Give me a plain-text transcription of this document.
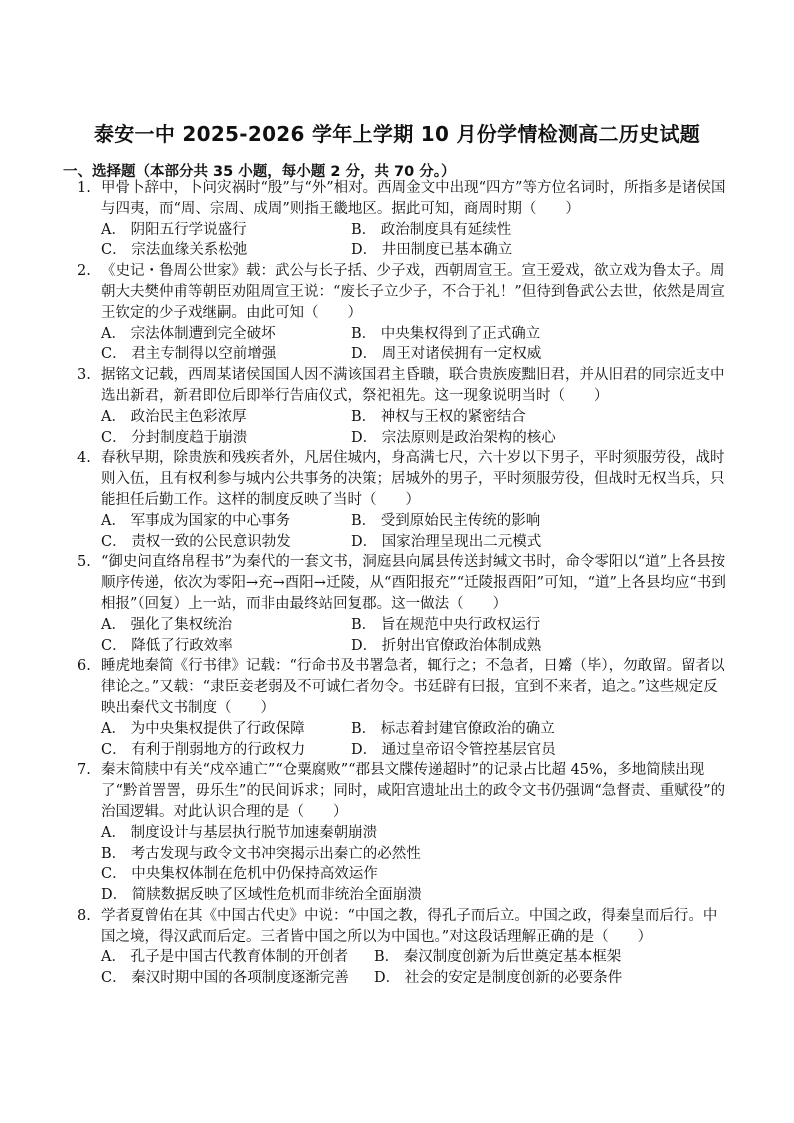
泰安一中 2025-2026 学年上学期 10 月份学情检测高二历史试题
一、选择题（本部分共 35 小题，每小题 2 分，共 70 分。）
1. 甲骨卜辞中，卜问灾祸时“殷”与“外”相对。西周金文中出现“四方”等方位名词时，所指多是诸侯国与四夷，而“周、宗周、成周”则指王畿地区。据此可知，商周时期（　　）
A． 阴阳五行学说盛行	B． 政治制度具有延续性
C． 宗法血缘关系松弛	D． 井田制度已基本确立
2. 《史记・鲁周公世家》载：武公与长子括、少子戏，西朝周宣王。宣王爱戏，欲立戏为鲁太子。周朝大夫樊仲甫等朝臣劝阻周宣王说：“废长子立少子，不合于礼！”但待到鲁武公去世，依然是周宣王钦定的少子戏继嗣。由此可知（　　）
A． 宗法体制遭到完全破坏	B． 中央集权得到了正式确立
C． 君主专制得以空前增强	D． 周王对诸侯拥有一定权威
3. 据铭文记载，西周某诸侯国国人因不满该国君主昏聩，联合贵族废黜旧君，并从旧君的同宗近支中选出新君，新君即位后即举行告庙仪式，祭祀祖先。这一现象说明当时（　　）
A． 政治民主色彩浓厚	B． 神权与王权的紧密结合
C． 分封制度趋于崩溃	D． 宗法原则是政治架构的核心
4. 春秋早期，除贵族和残疾者外，凡居住城内，身高满七尺，六十岁以下男子，平时须服劳役，战时则入伍，且有权利参与城内公共事务的决策；居城外的男子，平时须服劳役，但战时无权当兵，只能担任后勤工作。这样的制度反映了当时（　　）
A． 军事成为国家的中心事务	B． 受到原始民主传统的影响
C． 责权一致的公民意识勃发	D． 国家治理呈现出二元模式
5. “御史问直络帛程书”为秦代的一套文书，洞庭县向属县传送封缄文书时，命令零阳以“道”上各县按顺序传递，依次为零阳→充→酉阳→迁陵，从“酉阳报充”“迁陵报酉阳”可知，“道”上各县均应“书到相报”（回复）上一站，而非由最终站回复郡。这一做法（　　）
A． 强化了集权统治	B． 旨在规范中央行政权运行
C． 降低了行政效率	D． 折射出官僚政治体制成熟
6. 睡虎地秦简《行书律》记载：“行命书及书署急者，辄行之；不急者，日觱（毕），勿敢留。留者以律论之。”又载：“隶臣妾老弱及不可诚仁者勿令。书廷辟有曰报，宜到不来者，追之。”这些规定反映出秦代文书制度（　　）
A． 为中央集权提供了行政保障	B． 标志着封建官僚政治的确立
C． 有利于削弱地方的行政权力	D． 通过皇帝诏令管控基层官员
7. 秦末简牍中有关“戍卒逋亡”“仓粟腐败”“郡县文牒传递超时”的记录占比超 45%，多地简牍出现了“黔首詈詈，毋乐生”的民间诉求；同时，咸阳宫遗址出土的政令文书仍强调“急督责、重赋役”的治国逻辑。对此认识合理的是（　　）
A． 制度设计与基层执行脱节加速秦朝崩溃
B． 考古发现与政令文书冲突揭示出秦亡的必然性
C． 中央集权体制在危机中仍保持高效运作
D． 简牍数据反映了区域性危机而非统治全面崩溃
8. 学者夏曾佑在其《中国古代史》中说：“中国之教，得孔子而后立。中国之政，得秦皇而后行。中国之境，得汉武而后定。三者皆中国之所以为中国也。”对这段话理解正确的是（　　）
A． 孔子是中国古代教育体制的开创者	B． 秦汉制度创新为后世奠定基本框架
C． 秦汉时期中国的各项制度逐渐完善	D． 社会的安定是制度创新的必要条件
